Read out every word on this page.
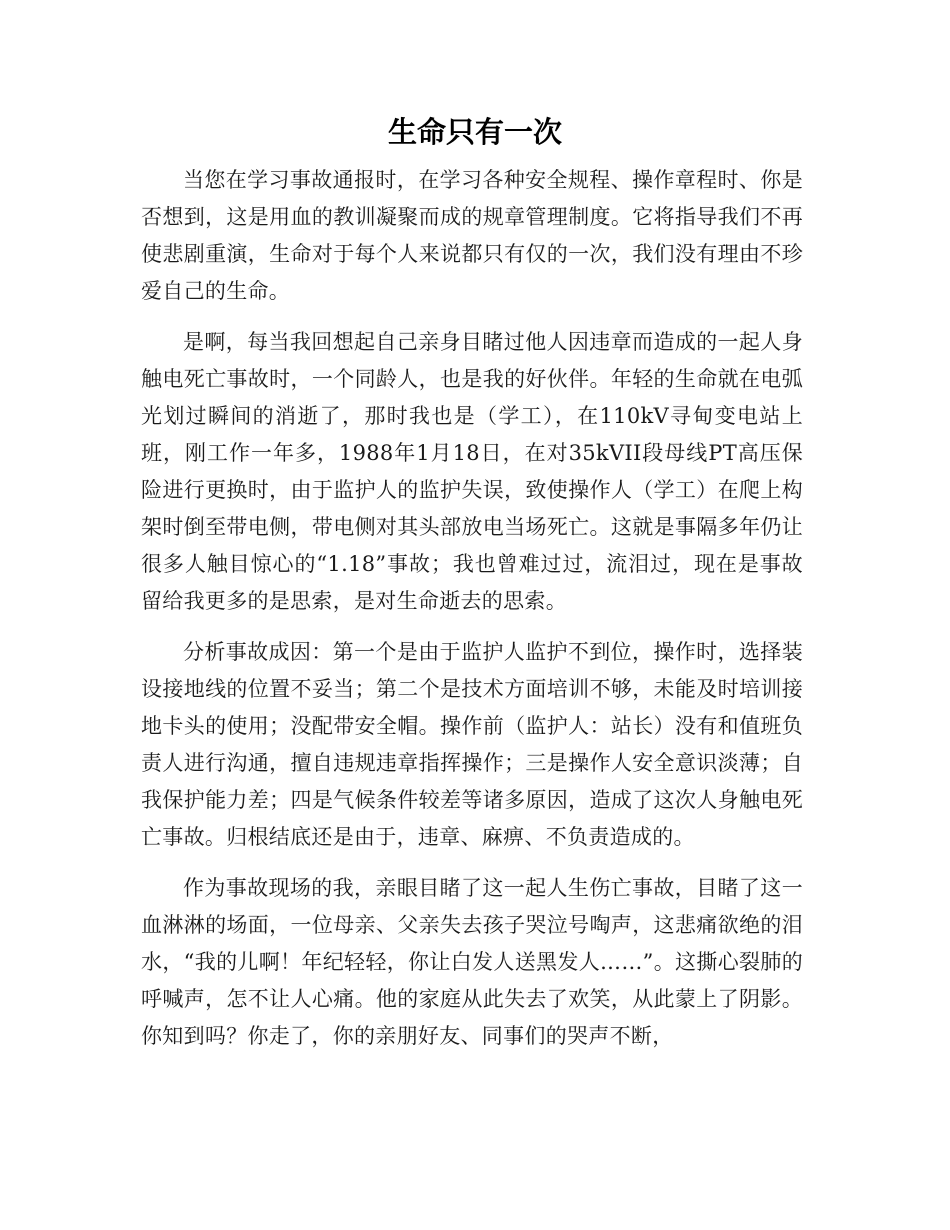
生命只有一次

当您在学习事故通报时，在学习各种安全规程、操作章程时、你是否想到，这是用血的教训凝聚而成的规章管理制度。它将指导我们不再使悲剧重演，生命对于每个人来说都只有仅的一次，我们没有理由不珍爱自己的生命。

是啊，每当我回想起自己亲身目睹过他人因违章而造成的一起人身触电死亡事故时，一个同龄人，也是我的好伙伴。年轻的生命就在电弧光划过瞬间的消逝了，那时我也是（学工），在110kV寻甸变电站上班，刚工作一年多，1988年1月18日，在对35kVII段母线PT高压保险进行更换时，由于监护人的监护失误，致使操作人（学工）在爬上构架时倒至带电侧，带电侧对其头部放电当场死亡。这就是事隔多年仍让很多人触目惊心的“1.18”事故；我也曾难过过，流泪过，现在是事故留给我更多的是思索，是对生命逝去的思索。

分析事故成因：第一个是由于监护人监护不到位，操作时，选择装设接地线的位置不妥当；第二个是技术方面培训不够，未能及时培训接地卡头的使用；没配带安全帽。操作前（监护人：站长）没有和值班负责人进行沟通，擅自违规违章指挥操作；三是操作人安全意识淡薄；自我保护能力差；四是气候条件较差等诸多原因，造成了这次人身触电死亡事故。归根结底还是由于，违章、麻痹、不负责造成的。

作为事故现场的我，亲眼目睹了这一起人生伤亡事故，目睹了这一血淋淋的场面，一位母亲、父亲失去孩子哭泣号啕声，这悲痛欲绝的泪水，“我的儿啊！年纪轻轻，你让白发人送黑发人……”。这撕心裂肺的呼喊声，怎不让人心痛。他的家庭从此失去了欢笑，从此蒙上了阴影。你知到吗？你走了，你的亲朋好友、同事们的哭声不断，
